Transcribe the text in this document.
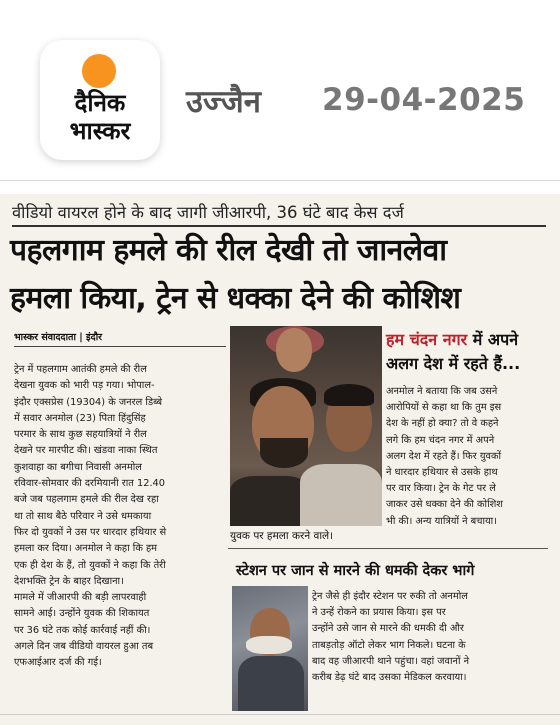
दैनिक
भास्कर
उज्जैन 29-04-2025
वीडियो वायरल होने के बाद जागी जीआरपी, 36 घंटे बाद केस दर्ज
पहलगाम हमले की रील देखी तो जानलेवा
हमला किया, ट्रेन से धक्का देने की कोशिश
भास्कर संवाददाता | इंदौर
ट्रेन में पहलगाम आतंकी हमले की रील
देखना युवक को भारी पड़ गया। भोपाल-
इंदौर एक्सप्रेस (19304) के जनरल डिब्बे
में सवार अनमोल (23) पिता हिंदुसिंह
परमार के साथ कुछ सहयात्रियों ने रील
देखने पर मारपीट की। खंडवा नाका स्थित
कुशवाहा का बगीचा निवासी अनमोल
रविवार-सोमवार की दरमियानी रात 12.40
बजे जब पहलगाम हमले की रील देख रहा
था तो साथ बैठे परिवार ने उसे धमकाया
फिर दो युवकों ने उस पर धारदार हथियार से
हमला कर दिया। अनमोल ने कहा कि हम
एक ही देश के हैं, तो युवकों ने कहा कि तेरी
देशभक्ति ट्रेन के बाहर दिखाना।
मामले में जीआरपी की बड़ी लापरवाही
सामने आई। उन्होंने युवक की शिकायत
पर 36 घंटे तक कोई कार्रवाई नहीं की।
अगले दिन जब वीडियो वायरल हुआ तब
एफआईआर दर्ज की गई।
युवक पर हमला करने वाले।
हम चंदन नगर में अपने
अलग देश में रहते हैं...
अनमोल ने बताया कि जब उसने
आरोपियों से कहा था कि तुम इस
देश के नहीं हो क्या? तो वे कहने
लगे कि हम चंदन नगर में अपने
अलग देश में रहते हैं। फिर युवकों
ने धारदार हथियार से उसके हाथ
पर वार किया। ट्रेन के गेट पर ले
जाकर उसे धक्का देने की कोशिश
भी की। अन्य यात्रियों ने बचाया।
स्टेशन पर जान से मारने की धमकी देकर भागे
ट्रेन जैसे ही इंदौर स्टेशन पर रुकी तो अनमोल
ने उन्हें रोकने का प्रयास किया। इस पर
उन्होंने उसे जान से मारने की धमकी दी और
ताबड़तोड़ ऑटो लेकर भाग निकले। घटना के
बाद वह जीआरपी थाने पहुंचा। वहां जवानों ने
करीब डेढ़ घंटे बाद उसका मेडिकल करवाया।
